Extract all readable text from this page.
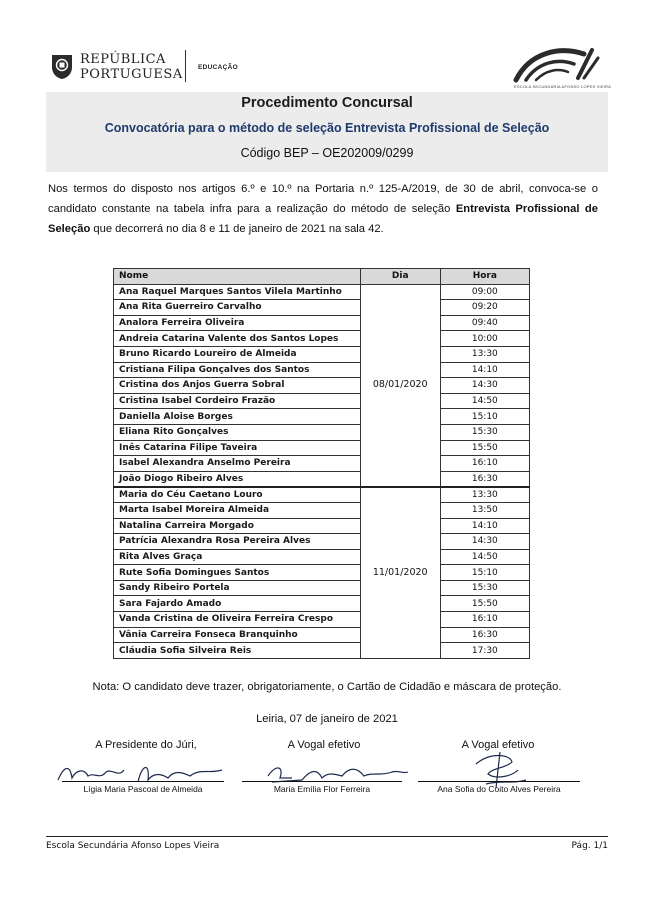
REPÚBLICA
PORTUGUESA EDUCAÇÃO
ESCOLA SECUNDÁRIA AFONSO LOPES VIEIRA
Procedimento Concursal
Convocatória para o método de seleção Entrevista Profissional de Seleção
Código BEP – OE202009/0299

Nos termos do disposto nos artigos 6.º e 10.º na Portaria n.º 125-A/2019, de 30 de abril, convoca-se o candidato constante na tabela infra para a realização do método de seleção Entrevista Profissional de Seleção que decorrerá no dia 8 e 11 de janeiro de 2021 na sala 42.

Nome	Dia	Hora
Ana Raquel Marques Santos Vilela Martinho	08/01/2020	09:00
Ana Rita Guerreiro Carvalho		09:20
Analora Ferreira Oliveira		09:40
Andreia Catarina Valente dos Santos Lopes		10:00
Bruno Ricardo Loureiro de Almeida		13:30
Cristiana Filipa Gonçalves dos Santos		14:10
Cristina dos Anjos Guerra Sobral		14:30
Cristina Isabel Cordeiro Frazão		14:50
Daniella Aloise Borges		15:10
Eliana Rito Gonçalves		15:30
Inês Catarina Filipe Taveira		15:50
Isabel Alexandra Anselmo Pereira		16:10
João Diogo Ribeiro Alves		16:30
Maria do Céu Caetano Louro	11/01/2020	13:30
Marta Isabel Moreira Almeida		13:50
Natalina Carreira Morgado		14:10
Patrícia Alexandra Rosa Pereira Alves		14:30
Rita Alves Graça		14:50
Rute Sofia Domingues Santos		15:10
Sandy Ribeiro Portela		15:30
Sara Fajardo Amado		15:50
Vanda Cristina de Oliveira Ferreira Crespo		16:10
Vânia Carreira Fonseca Branquinho		16:30
Cláudia Sofia Silveira Reis		17:30
Nota: O candidato deve trazer, obrigatoriamente, o Cartão de Cidadão e máscara de proteção.
Leiria, 07 de janeiro de 2021
A Presidente do Júri,	A Vogal efetivo	A Vogal efetivo
Lígia Maria Pascoal de Almeida	Maria Emília Flor Ferreira	Ana Sofia do Coito Alves Pereira
Escola Secundária Afonso Lopes Vieira	Pág. 1/1
